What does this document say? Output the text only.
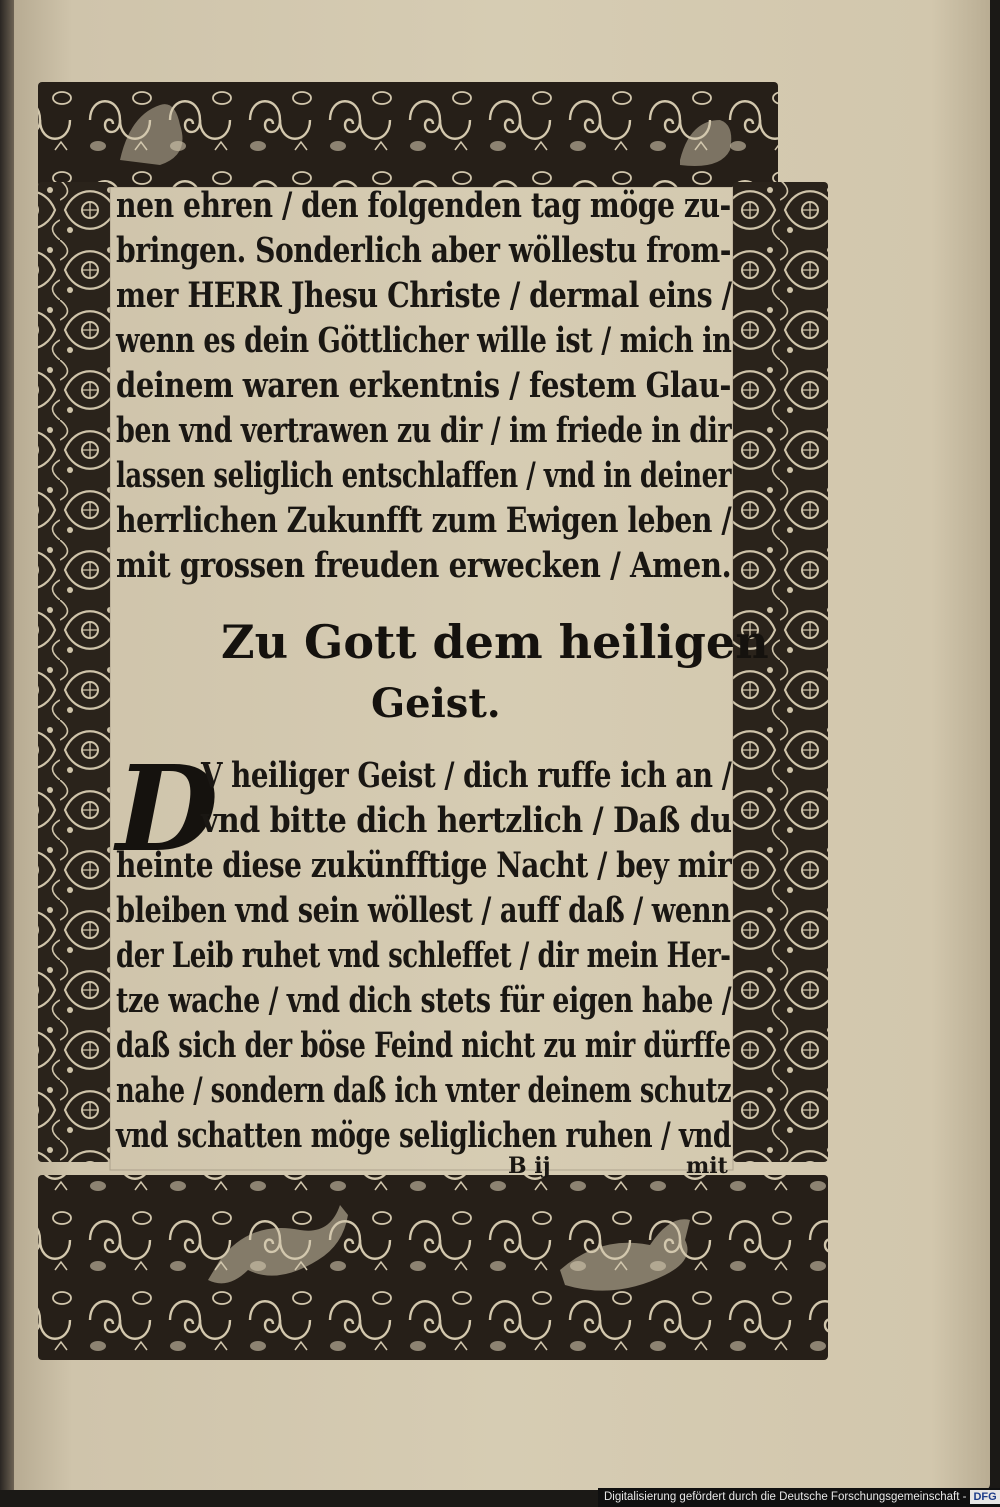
nen ehren / den folgenden tag möge zu-
bringen. Sonderlich aber wöllestu from-
mer HERR Jhesu Christe / dermal eins /
wenn es dein Göttlicher wille ist / mich in
deinem waren erkentnis / festem Glau-
ben vnd vertrawen zu dir / im friede in dir
lassen seliglich entschlaffen / vnd in deiner
herrlichen Zukunfft zum Ewigen leben /
mit grossen freuden erwecken / Amen.
Zu Gott dem heiligen
Geist.
D
V heiliger Geist / dich ruffe ich an /
vnd bitte dich hertzlich / Daß du
heinte diese zukünfftige Nacht / bey mir
bleiben vnd sein wöllest / auff daß / wenn
der Leib ruhet vnd schleffet / dir mein Her-
tze wache / vnd dich stets für eigen habe /
daß sich der böse Feind nicht zu mir dürffe
nahe / sondern daß ich vnter deinem schutz
vnd schatten möge seliglichen ruhen / vnd
B ij	mit
Digitalisierung gefördert durch die Deutsche Forschungsgemeinschaft - DFG
